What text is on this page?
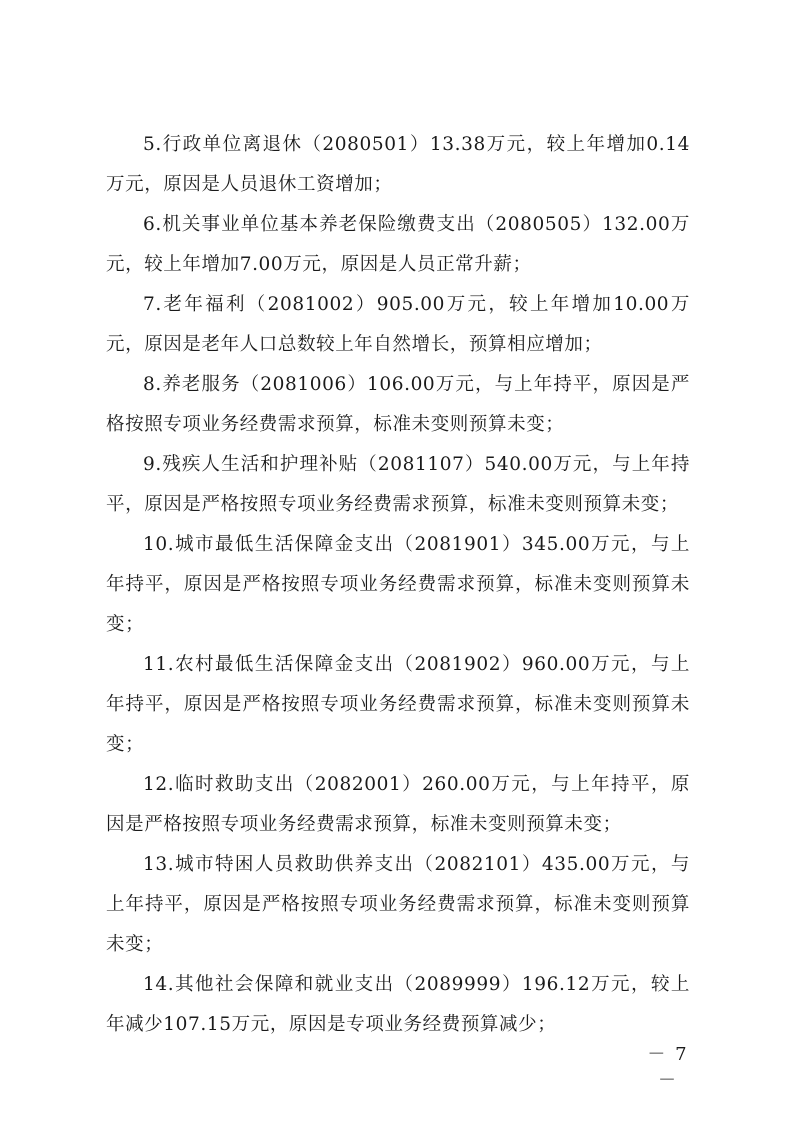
5.行政单位离退休（2080501）13.38万元，较上年增加0.14万元，原因是人员退休工资增加；

6.机关事业单位基本养老保险缴费支出（2080505）132.00万元，较上年增加7.00万元，原因是人员正常升薪；

7.老年福利（2081002）905.00万元，较上年增加10.00万元，原因是老年人口总数较上年自然增长，预算相应增加；

8.养老服务（2081006）106.00万元，与上年持平，原因是严格按照专项业务经费需求预算，标准未变则预算未变；

9.残疾人生活和护理补贴（2081107）540.00万元，与上年持平，原因是严格按照专项业务经费需求预算，标准未变则预算未变；

10.城市最低生活保障金支出（2081901）345.00万元，与上年持平，原因是严格按照专项业务经费需求预算，标准未变则预算未变；

11.农村最低生活保障金支出（2081902）960.00万元，与上年持平，原因是严格按照专项业务经费需求预算，标准未变则预算未变；

12.临时救助支出（2082001）260.00万元，与上年持平，原因是严格按照专项业务经费需求预算，标准未变则预算未变；

13.城市特困人员救助供养支出（2082101）435.00万元，与上年持平，原因是严格按照专项业务经费需求预算，标准未变则预算未变；

14.其他社会保障和就业支出（2089999）196.12万元，较上年减少107.15万元，原因是专项业务经费预算减少；

－ 7 －
